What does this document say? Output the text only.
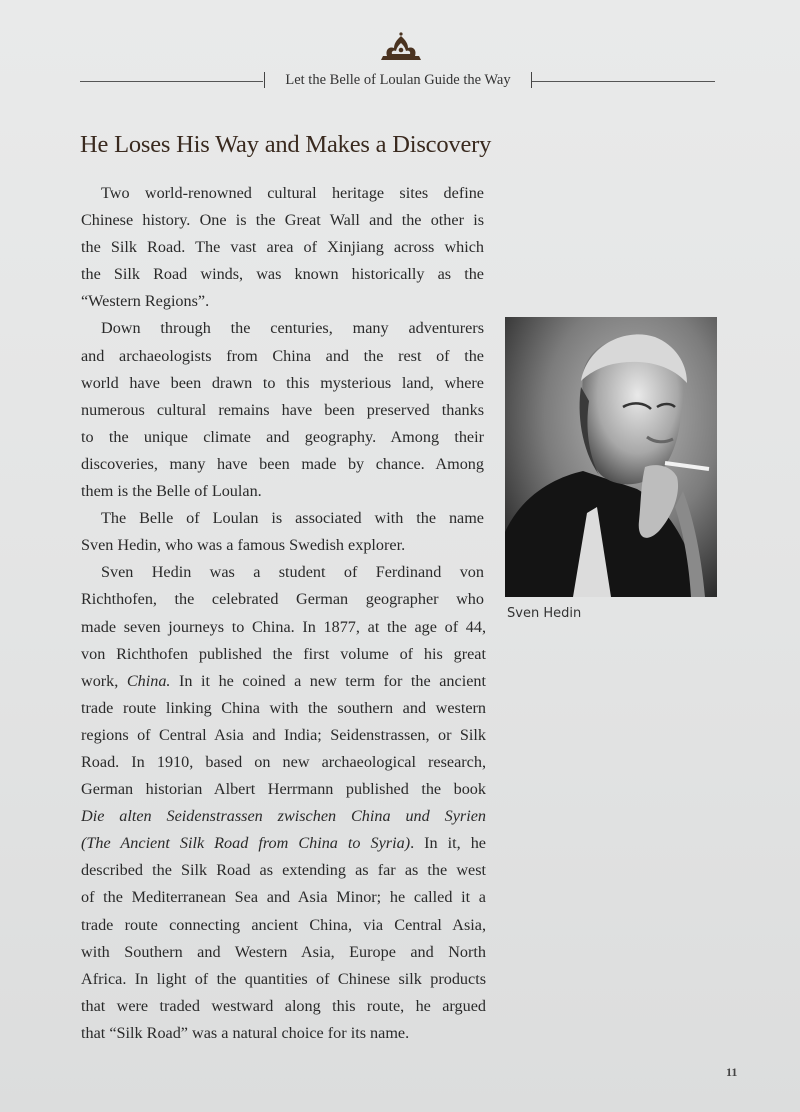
Let the Belle of Loulan Guide the Way
He Loses His Way and Makes a Discovery
Two world-renowned cultural heritage sites define
Chinese history. One is the Great Wall and the other is
the Silk Road. The vast area of Xinjiang across which
the Silk Road winds, was known historically as the
“Western Regions”.
Down through the centuries, many adventurers
and archaeologists from China and the rest of the
world have been drawn to this mysterious land, where
numerous cultural remains have been preserved thanks
to the unique climate and geography. Among their
discoveries, many have been made by chance. Among
them is the Belle of Loulan.
The Belle of Loulan is associated with the name
Sven Hedin, who was a famous Swedish explorer.
Sven Hedin was a student of Ferdinand von
Richthofen, the celebrated German geographer who
made seven journeys to China. In 1877, at the age of 44,
von Richthofen published the first volume of his great
work, China. In it he coined a new term for the ancient
trade route linking China with the southern and western
regions of Central Asia and India; Seidenstrassen, or Silk
Road. In 1910, based on new archaeological research,
German historian Albert Herrmann published the book
Die alten Seidenstrassen zwischen China und Syrien
(The Ancient Silk Road from China to Syria). In it, he
described the Silk Road as extending as far as the west
of the Mediterranean Sea and Asia Minor; he called it a
trade route connecting ancient China, via Central Asia,
with Southern and Western Asia, Europe and North
Africa. In light of the quantities of Chinese silk products
that were traded westward along this route, he argued
that “Silk Road” was a natural choice for its name.
Sven Hedin
11
